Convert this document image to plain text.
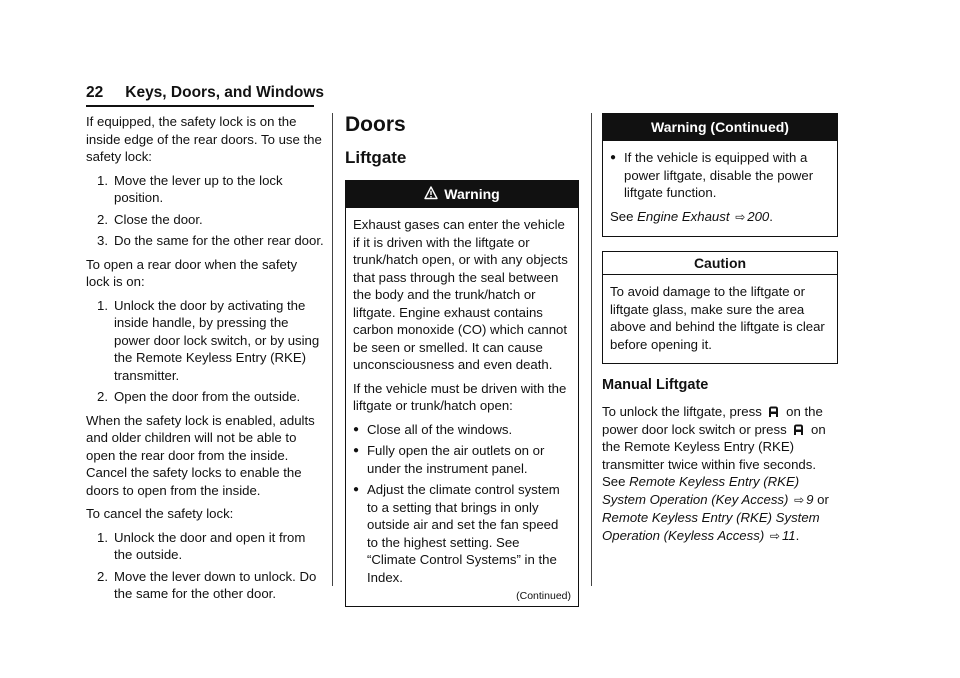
22 Keys, Doors, and Windows

If equipped, the safety lock is on the inside edge of the rear doors. To use the safety lock:

1. Move the lever up to the lock position.
2. Close the door.
3. Do the same for the other rear door.

To open a rear door when the safety lock is on:

1. Unlock the door by activating the inside handle, by pressing the power door lock switch, or by using the Remote Keyless Entry (RKE) transmitter.
2. Open the door from the outside.

When the safety lock is enabled, adults and older children will not be able to open the rear door from the inside. Cancel the safety locks to enable the doors to open from the inside.

To cancel the safety lock:

1. Unlock the door and open it from the outside.
2. Move the lever down to unlock. Do the same for the other door.
Doors
Liftgate
Warning

Exhaust gases can enter the vehicle if it is driven with the liftgate or trunk/hatch open, or with any objects that pass through the seal between the body and the trunk/hatch or liftgate. Engine exhaust contains carbon monoxide (CO) which cannot be seen or smelled. It can cause unconsciousness and even death.

If the vehicle must be driven with the liftgate or trunk/hatch open:

● Close all of the windows.
● Fully open the air outlets on or under the instrument panel.
● Adjust the climate control system to a setting that brings in only outside air and set the fan speed to the highest setting. See “Climate Control Systems” in the Index.
(Continued)
Warning (Continued)
● If the vehicle is equipped with a power liftgate, disable the power liftgate function.

See Engine Exhaust ⇨ 200.

Caution

To avoid damage to the liftgate or liftgate glass, make sure the area above and behind the liftgate is clear before opening it.

Manual Liftgate

To unlock the liftgate, press on the power door lock switch or press on the Remote Keyless Entry (RKE) transmitter twice within five seconds. See Remote Keyless Entry (RKE) System Operation (Key Access) ⇨ 9 or Remote Keyless Entry (RKE) System Operation (Keyless Access) ⇨ 11.
